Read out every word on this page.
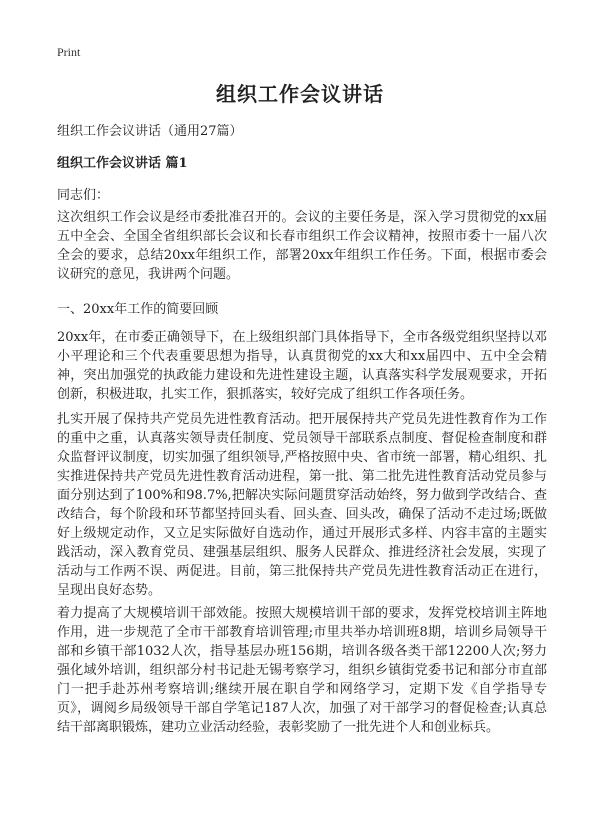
Print
组织工作会议讲话
组织工作会议讲话（通用27篇）
组织工作会议讲话 篇1
同志们：

这次组织工作会议是经市委批准召开的。会议的主要任务是，深入学习贯彻党的xx届五中全会、全国全省组织部长会议和长春市组织工作会议精神，按照市委十一届八次全会的要求，总结20xx年组织工作，部署20xx年组织工作任务。下面，根据市委会议研究的意见，我讲两个问题。

一、20xx年工作的简要回顾

20xx年，在市委正确领导下，在上级组织部门具体指导下，全市各级党组织坚持以邓小平理论和三个代表重要思想为指导，认真贯彻党的xx大和xx届四中、五中全会精神，突出加强党的执政能力建设和先进性建设主题，认真落实科学发展观要求，开拓创新，积极进取，扎实工作，狠抓落实，较好完成了组织工作各项任务。

扎实开展了保持共产党员先进性教育活动。把开展保持共产党员先进性教育作为工作的重中之重，认真落实领导责任制度、党员领导干部联系点制度、督促检查制度和群众监督评议制度，切实加强了组织领导,严格按照中央、省市统一部署，精心组织、扎实推进保持共产党员先进性教育活动进程，第一批、第二批先进性教育活动党员参与面分别达到了100%和98.7%,把解决实际问题贯穿活动始终，努力做到学改结合、查改结合，每个阶段和环节都坚持回头看、回头查、回头改，确保了活动不走过场;既做好上级规定动作，又立足实际做好自选动作，通过开展形式多样、内容丰富的主题实践活动，深入教育党员、建强基层组织、服务人民群众、推进经济社会发展，实现了活动与工作两不误、两促进。目前，第三批保持共产党员先进性教育活动正在进行，呈现出良好态势。

着力提高了大规模培训干部效能。按照大规模培训干部的要求，发挥党校培训主阵地作用，进一步规范了全市干部教育培训管理;市里共举办培训班8期，培训乡局领导干部和乡镇干部1032人次，指导基层办班156期，培训各级各类干部12200人次;努力强化域外培训，组织部分村书记赴无锡考察学习，组织乡镇街党委书记和部分市直部门一把手赴苏州考察培训;继续开展在职自学和网络学习，定期下发《自学指导专页》，调阅乡局级领导干部自学笔记187人次，加强了对干部学习的督促检查;认真总结干部离职锻炼，建功立业活动经验，表彰奖励了一批先进个人和创业标兵。
